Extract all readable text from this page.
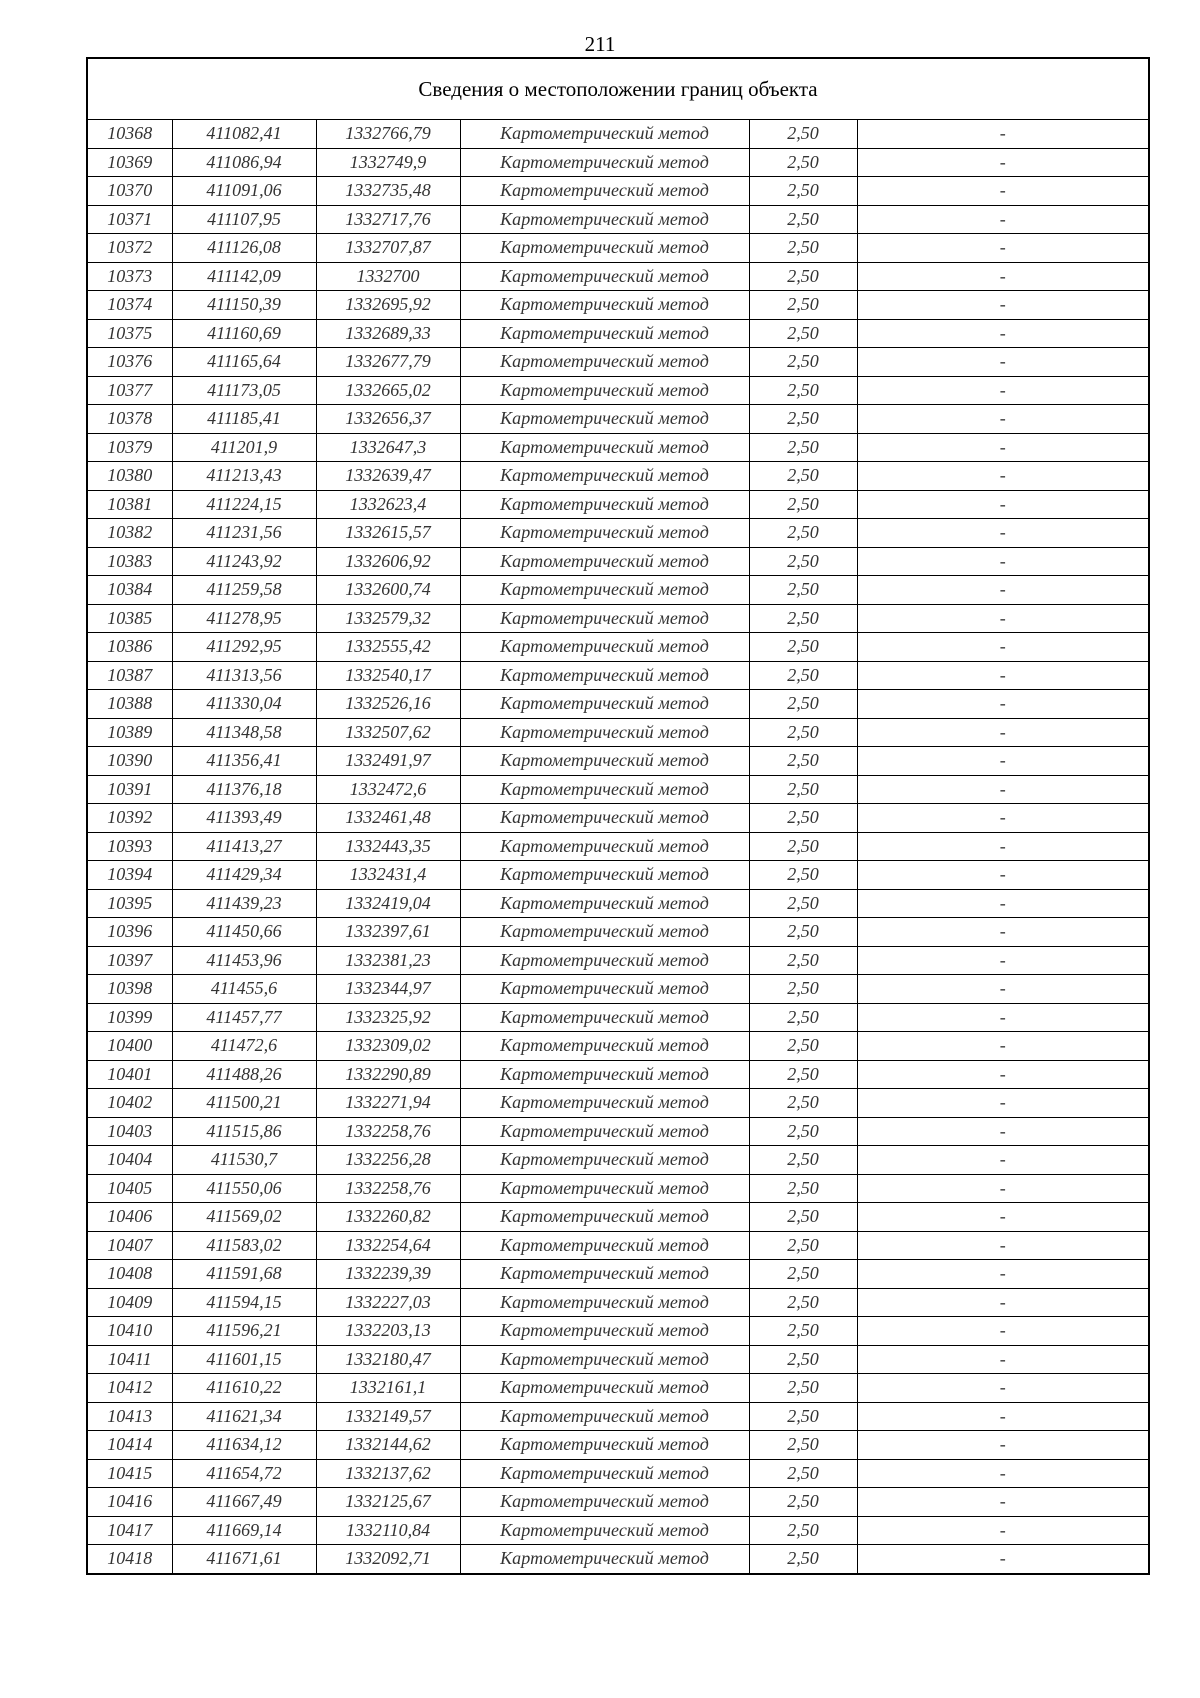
211
Сведения о местоположении границ объекта					
10368	411082,41	1332766,79	Картометрический метод	2,50	-
10369	411086,94	1332749,9	Картометрический метод	2,50	-
10370	411091,06	1332735,48	Картометрический метод	2,50	-
10371	411107,95	1332717,76	Картометрический метод	2,50	-
10372	411126,08	1332707,87	Картометрический метод	2,50	-
10373	411142,09	1332700	Картометрический метод	2,50	-
10374	411150,39	1332695,92	Картометрический метод	2,50	-
10375	411160,69	1332689,33	Картометрический метод	2,50	-
10376	411165,64	1332677,79	Картометрический метод	2,50	-
10377	411173,05	1332665,02	Картометрический метод	2,50	-
10378	411185,41	1332656,37	Картометрический метод	2,50	-
10379	411201,9	1332647,3	Картометрический метод	2,50	-
10380	411213,43	1332639,47	Картометрический метод	2,50	-
10381	411224,15	1332623,4	Картометрический метод	2,50	-
10382	411231,56	1332615,57	Картометрический метод	2,50	-
10383	411243,92	1332606,92	Картометрический метод	2,50	-
10384	411259,58	1332600,74	Картометрический метод	2,50	-
10385	411278,95	1332579,32	Картометрический метод	2,50	-
10386	411292,95	1332555,42	Картометрический метод	2,50	-
10387	411313,56	1332540,17	Картометрический метод	2,50	-
10388	411330,04	1332526,16	Картометрический метод	2,50	-
10389	411348,58	1332507,62	Картометрический метод	2,50	-
10390	411356,41	1332491,97	Картометрический метод	2,50	-
10391	411376,18	1332472,6	Картометрический метод	2,50	-
10392	411393,49	1332461,48	Картометрический метод	2,50	-
10393	411413,27	1332443,35	Картометрический метод	2,50	-
10394	411429,34	1332431,4	Картометрический метод	2,50	-
10395	411439,23	1332419,04	Картометрический метод	2,50	-
10396	411450,66	1332397,61	Картометрический метод	2,50	-
10397	411453,96	1332381,23	Картометрический метод	2,50	-
10398	411455,6	1332344,97	Картометрический метод	2,50	-
10399	411457,77	1332325,92	Картометрический метод	2,50	-
10400	411472,6	1332309,02	Картометрический метод	2,50	-
10401	411488,26	1332290,89	Картометрический метод	2,50	-
10402	411500,21	1332271,94	Картометрический метод	2,50	-
10403	411515,86	1332258,76	Картометрический метод	2,50	-
10404	411530,7	1332256,28	Картометрический метод	2,50	-
10405	411550,06	1332258,76	Картометрический метод	2,50	-
10406	411569,02	1332260,82	Картометрический метод	2,50	-
10407	411583,02	1332254,64	Картометрический метод	2,50	-
10408	411591,68	1332239,39	Картометрический метод	2,50	-
10409	411594,15	1332227,03	Картометрический метод	2,50	-
10410	411596,21	1332203,13	Картометрический метод	2,50	-
10411	411601,15	1332180,47	Картометрический метод	2,50	-
10412	411610,22	1332161,1	Картометрический метод	2,50	-
10413	411621,34	1332149,57	Картометрический метод	2,50	-
10414	411634,12	1332144,62	Картометрический метод	2,50	-
10415	411654,72	1332137,62	Картометрический метод	2,50	-
10416	411667,49	1332125,67	Картометрический метод	2,50	-
10417	411669,14	1332110,84	Картометрический метод	2,50	-
10418	411671,61	1332092,71	Картометрический метод	2,50	-
